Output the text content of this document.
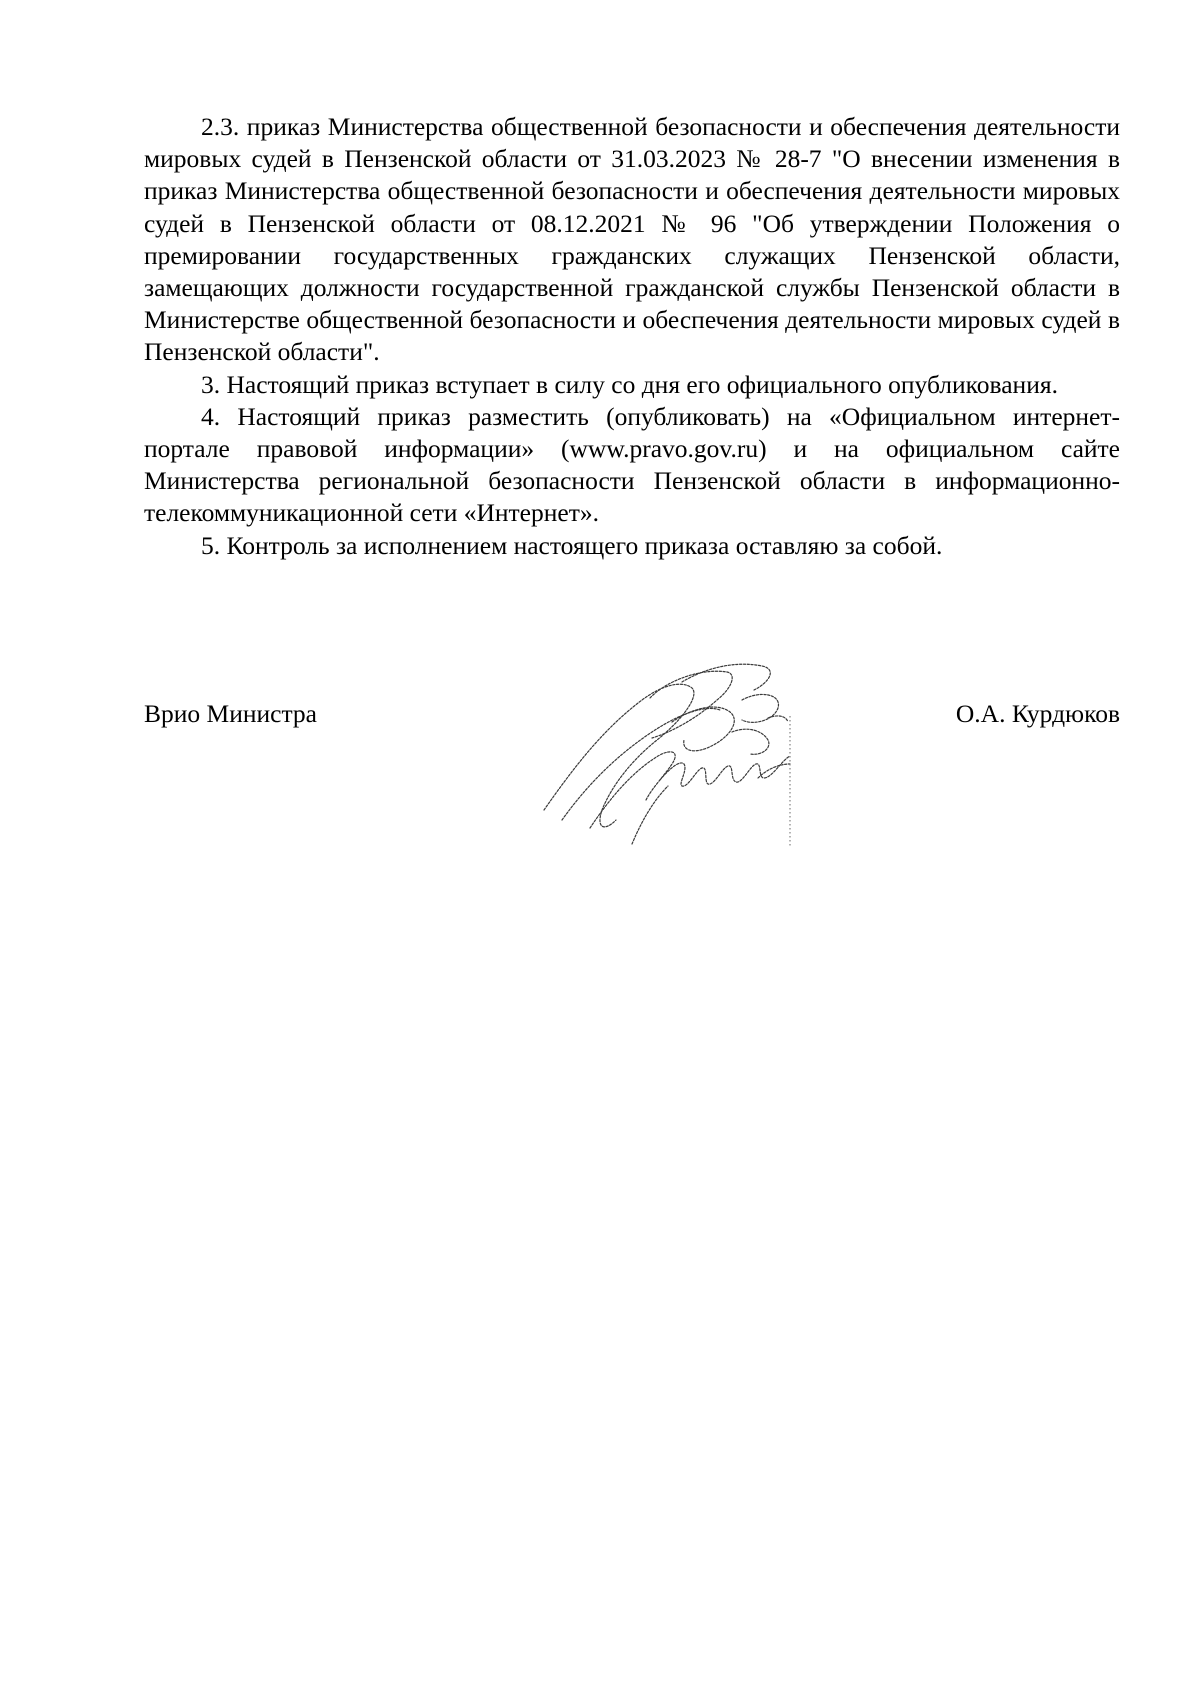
2.3. приказ Министерства общественной безопасности и обеспечения деятельности мировых судей в Пензенской области от 31.03.2023 № 28-7 "О внесении изменения в приказ Министерства общественной безопасности и обеспечения деятельности мировых судей в Пензенской области от 08.12.2021 № 96 "Об утверждении Положения о премировании государственных гражданских служащих Пензенской области, замещающих должности государственной гражданской службы Пензенской области в Министерстве общественной безопасности и обеспечения деятельности мировых судей в Пензенской области".

3. Настоящий приказ вступает в силу со дня его официального опубликования.

4. Настоящий приказ разместить (опубликовать) на «Официальном интернет-портале правовой информации» (www.pravo.gov.ru) и на официальном сайте Министерства региональной безопасности Пензенской области в информационно-телекоммуникационной сети «Интернет».

5. Контроль за исполнением настоящего приказа оставляю за собой.

Врио Министра	О.А. Курдюков
